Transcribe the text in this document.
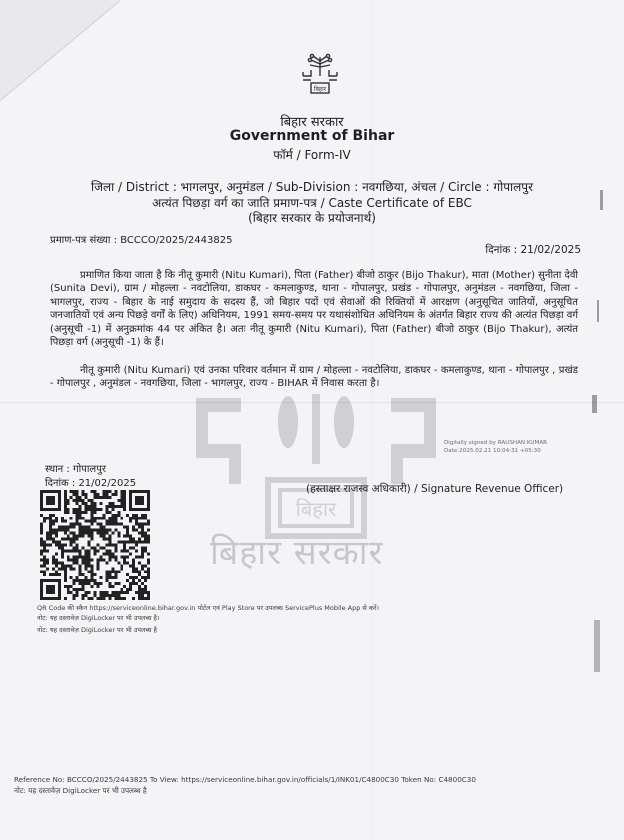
बिहार
बिहार सरकार
Government of Bihar
फॉर्म / Form-IV
जिला / District : भागलपुर, अनुमंडल / Sub-Division : नवगछिया, अंचल / Circle : गोपालपुर
अत्यंत पिछड़ा वर्ग का जाति प्रमाण-पत्र / Caste Certificate of EBC
(बिहार सरकार के प्रयोजनार्थ)
प्रमाण-पत्र संख्या : BCCCO/2025/2443825
दिनांक : 21/02/2025
प्रमाणित किया जाता है कि नीतू कुमारी (Nitu Kumari), पिता (Father) बीजो ठाकुर (Bijo Thakur), माता (Mother) सुनीता देवी (Sunita Devi), ग्राम / मोहल्ला - नवटोलिया, डाकघर - कमलाकुण्ड, थाना - गोपालपुर, प्रखंड - गोपालपुर, अनुमंडल - नवगछिया, जिला - भागलपुर, राज्य - बिहार के नाई समुदाय के सदस्य हैं, जो बिहार पदों एवं सेवाओं की रिक्तियों में आरक्षण (अनुसूचित जातियों, अनुसूचित जनजातियों एवं अन्य पिछड़े वर्गों के लिए) अधिनियम, 1991 समय-समय पर यथासंशोधित अधिनियम के अंतर्गत बिहार राज्य की अत्यंत पिछड़ा वर्ग (अनुसूची -1) में अनुक्रमांक 44 पर अंकित है। अतः नीतू कुमारी (Nitu Kumari), पिता (Father) बीजो ठाकुर (Bijo Thakur), अत्यंत पिछड़ा वर्ग (अनुसूची -1) के हैं।
नीतू कुमारी (Nitu Kumari) एवं उनका परिवार वर्तमान में ग्राम / मोहल्ला - नवटोलिया, डाकघर - कमलाकुण्ड, थाना - गोपालपुर , प्रखंड - गोपालपुर , अनुमंडल - नवगछिया, जिला - भागलपुर, राज्य - BIHAR में निवास करता है।
बिहार
बिहार सरकार
Digitally signed by RAUSHAN KUMAR
Date:2025.02.21 10:04:31 +05:30
स्थान : गोपालपुर
दिनांक : 21/02/2025	(हस्ताक्षर राजस्व अधिकारी) / Signature Revenue Officer)
QR Code की स्कैन https://serviceonline.bihar.gov.in पोर्टल एवं Play Store पर उपलब्ध ServicePlus Mobile App से करें।
नोट: यह दस्तावेज़ DigiLocker पर भी उपलब्ध है।
नोट: यह दस्तावेज़ DigiLocker पर भी उपलब्ध है
Reference No: BCCCO/2025/2443825 To View: https://serviceonline.bihar.gov.in/officials/1/INK01/C4800C30 Token No: C4800C30
नोट: यह दस्तावेज़ DigiLocker पर भी उपलब्ध है
